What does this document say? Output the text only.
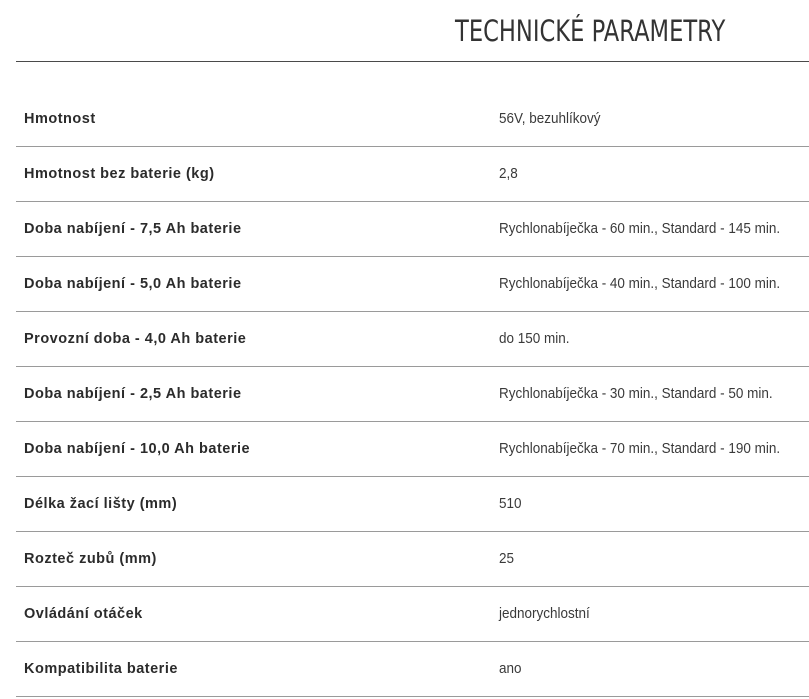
TECHNICKÉ PARAMETRY
Hmotnost	56V, bezuhlíkový
Hmotnost bez baterie (kg)	2,8
Doba nabíjení - 7,5 Ah baterie	Rychlonabíječka - 60 min., Standard - 145 min.
Doba nabíjení - 5,0 Ah baterie	Rychlonabíječka - 40 min., Standard - 100 min.
Provozní doba - 4,0 Ah baterie	do 150 min.
Doba nabíjení - 2,5 Ah baterie	Rychlonabíječka - 30 min., Standard - 50 min.
Doba nabíjení - 10,0 Ah baterie	Rychlonabíječka - 70 min., Standard - 190 min.
Délka žací lišty (mm)	510
Rozteč zubů (mm)	25
Ovládání otáček	jednorychlostní
Kompatibilita baterie	ano
